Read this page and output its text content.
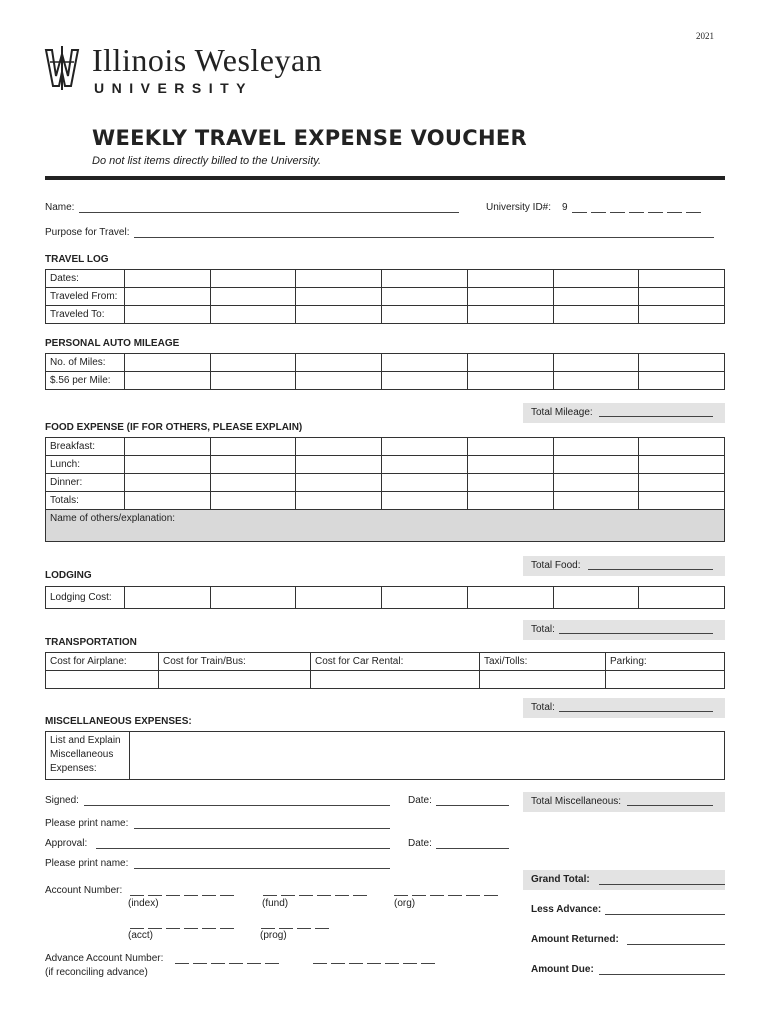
2021
Illinois Wesleyan
UNIVERSITY
WEEKLY TRAVEL EXPENSE VOUCHER
Do not list items directly billed to the University.
Name:	University ID#: 9
Purpose for Travel:
TRAVEL LOG
Dates:							
Traveled From:							
Traveled To:							
PERSONAL AUTO MILEAGE
No. of Miles:							
$.56 per Mile:							
Total Mileage:
FOOD EXPENSE (IF FOR OTHERS, PLEASE EXPLAIN)
Breakfast:							
Lunch:							
Dinner:							
Totals:							
Name of others/explanation:							
Total Food:
LODGING
Lodging Cost:							
Total:
TRANSPORTATION
Cost for Airplane:	Cost for Train/Bus:	Cost for Car Rental:	Taxi/Tolls:	Parking:

Total:
MISCELLANEOUS EXPENSES:
List and Explain
Miscellaneous
Expenses:

Total Miscellaneous:
Signed:	Date:
Please print name:
Approval:	Date:
Please print name:
Account Number:
(index)	(fund)	(org)
(acct)	(prog)
Advance Account Number:
(if reconciling advance)
Grand Total:
Less Advance:
Amount Returned:
Amount Due:
